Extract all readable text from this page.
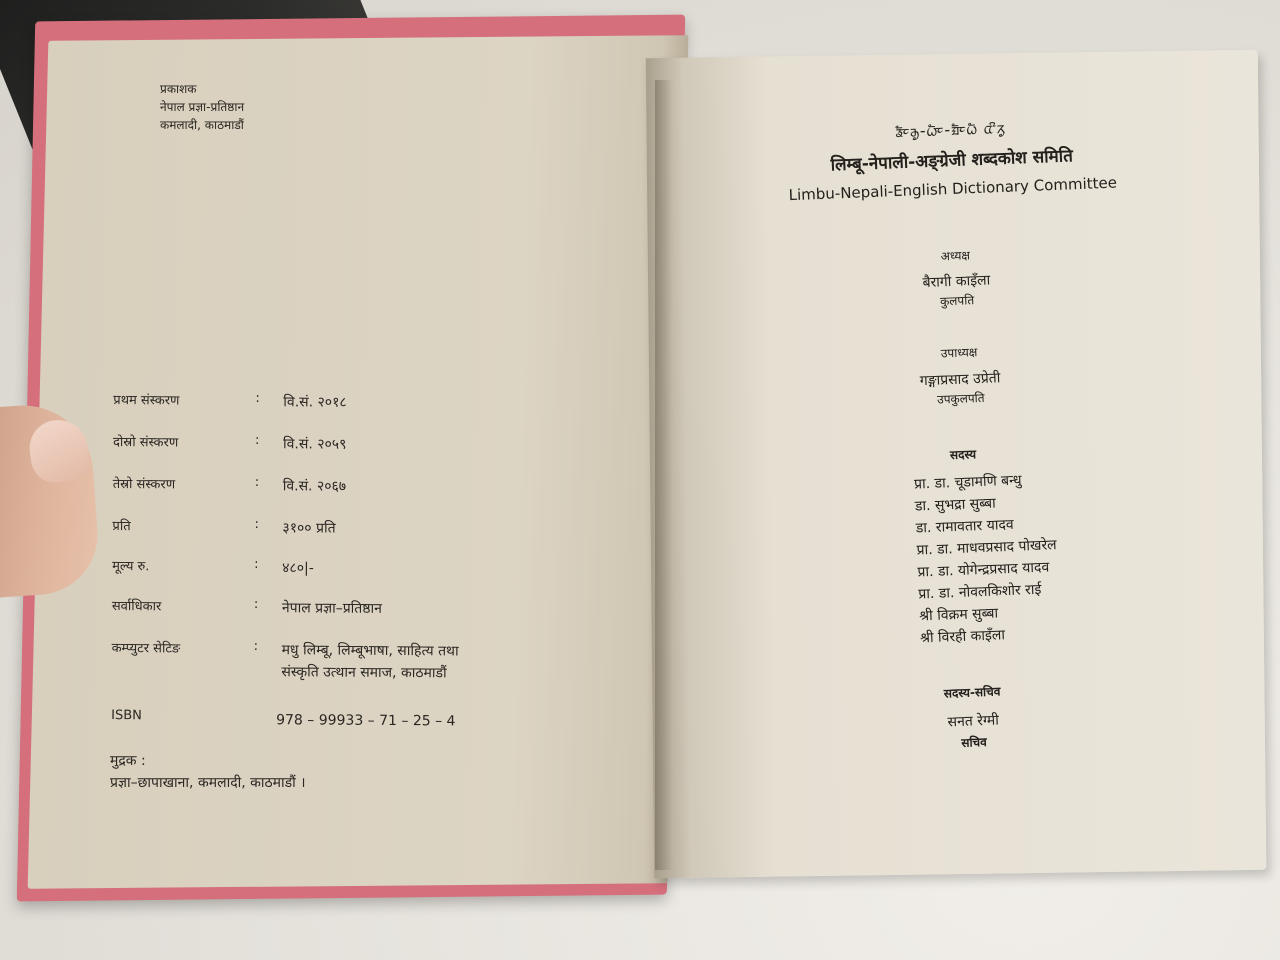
प्रकाशक
नेपाल प्रज्ञा-प्रतिष्ठान
कमलादी, काठमाडौं
प्रथम संस्करण	: वि.सं. २०१८
दोस्रो संस्करण	: वि.सं. २०५९
तेस्रो संस्करण	: वि.सं. २०६७
प्रति	: ३१०० प्रति
मूल्य रु.	: ४८०|-
सर्वाधिकार	: नेपाल प्रज्ञा–प्रतिष्ठान
कम्प्युटर सेटिङ	: मधु लिम्बू, लिम्बूभाषा, साहित्य तथा
संस्कृति उत्थान समाज, काठमाडौं
ISBN	978 – 99933 – 71 – 25 – 4
मुद्रक :
प्रज्ञा–छापाखाना, कमलादी, काठमाडौं ।
ᤕᤠᤰᤌᤢ-ᤐᤠᤰ-ᤀᤠᤰᤐᤠ ᤂᤡᤖᤢ
लिम्बू-नेपाली-अङ्ग्रेजी शब्दकोश समिति
Limbu-Nepali-English Dictionary Committee
अध्यक्ष
बैरागी काइँला
कुलपति
उपाध्यक्ष
गङ्गाप्रसाद उप्रेती
उपकुलपति
सदस्य
प्रा. डा. चूडामणि बन्धु
डा. सुभद्रा सुब्बा
डा. रामावतार यादव
प्रा. डा. माधवप्रसाद पोखरेल
प्रा. डा. योगेन्द्रप्रसाद यादव
प्रा. डा. नोवलकिशोर राई
श्री विक्रम सुब्बा
श्री विरही काइँला
सदस्य-सचिव
सनत रेग्मी
सचिव
